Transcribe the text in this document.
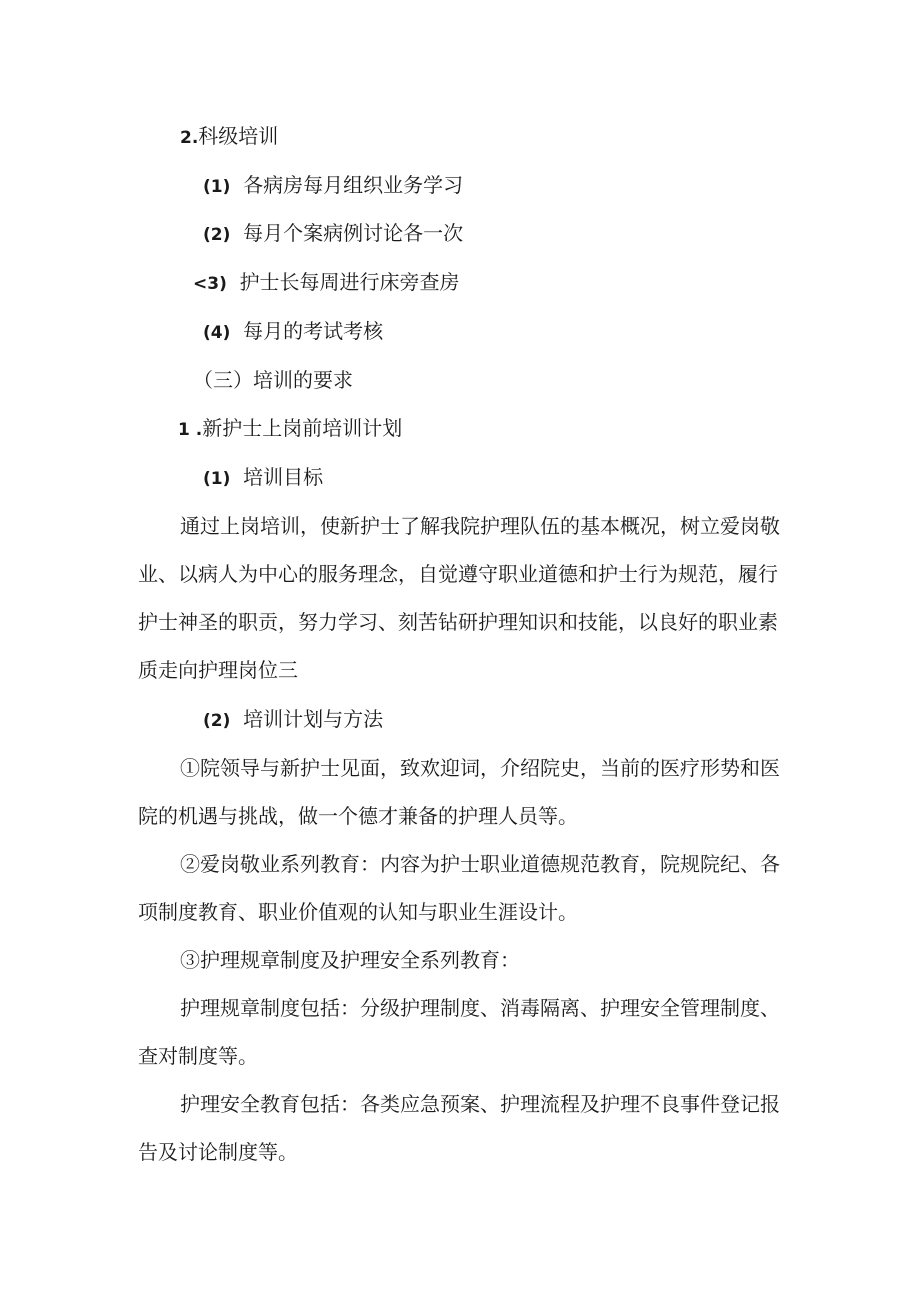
2.科级培训

(1) 各病房每月组织业务学习

(2) 每月个案病例讨论各一次

<3) 护士长每周进行床旁查房

(4) 每月的考试考核

（三）培训的要求

1 .新护士上岗前培训计划

(1) 培训目标

通过上岗培训，使新护士了解我院护理队伍的基本概况，树立爱岗敬

业、以病人为中心的服务理念，自觉遵守职业道德和护士行为规范，履行

护士神圣的职贡，努力学习、刻苦钻研护理知识和技能，以良好的职业素

质走向护理岗位三

(2) 培训计划与方法

①院领导与新护士见面，致欢迎词，介绍院史，当前的医疗形势和医

院的机遇与挑战，做一个德才兼备的护理人员等。

②爱岗敬业系列教育：内容为护士职业道德规范教育，院规院纪、各

项制度教育、职业价值观的认知与职业生涯设计。

③护理规章制度及护理安全系列教育：

护理规章制度包括：分级护理制度、消毒隔离、护理安全管理制度、

查对制度等。

护理安全教育包括：各类应急预案、护理流程及护理不良事件登记报

告及讨论制度等。
